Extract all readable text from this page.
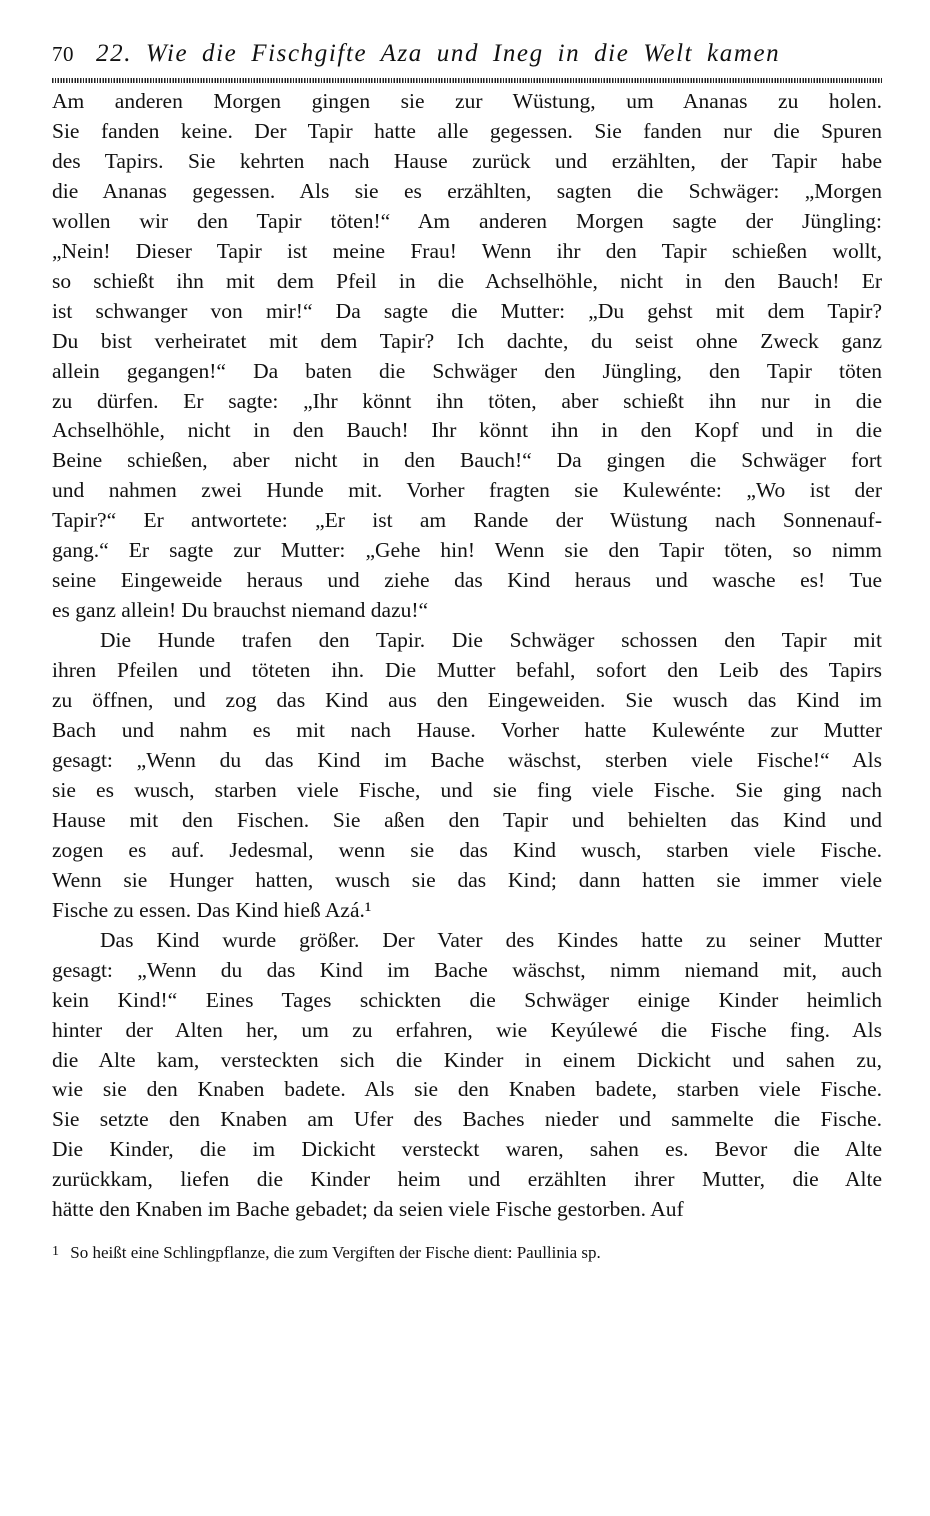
70 22. Wie die Fischgifte Aza und Ineg in die Welt kamen

Am anderen Morgen gingen sie zur Wüstung, um Ananas zu holen.
Sie fanden keine. Der Tapir hatte alle gegessen. Sie fanden nur die Spuren
des Tapirs. Sie kehrten nach Hause zurück und erzählten, der Tapir habe
die Ananas gegessen. Als sie es erzählten, sagten die Schwäger: „Morgen
wollen wir den Tapir töten!“ Am anderen Morgen sagte der Jüngling:
„Nein! Dieser Tapir ist meine Frau! Wenn ihr den Tapir schießen wollt,
so schießt ihn mit dem Pfeil in die Achselhöhle, nicht in den Bauch! Er
ist schwanger von mir!“ Da sagte die Mutter: „Du gehst mit dem Tapir?
Du bist verheiratet mit dem Tapir? Ich dachte, du seist ohne Zweck ganz
allein gegangen!“ Da baten die Schwäger den Jüngling, den Tapir töten
zu dürfen. Er sagte: „Ihr könnt ihn töten, aber schießt ihn nur in die
Achselhöhle, nicht in den Bauch! Ihr könnt ihn in den Kopf und in die
Beine schießen, aber nicht in den Bauch!“ Da gingen die Schwäger fort
und nahmen zwei Hunde mit. Vorher fragten sie Kulewénte: „Wo ist der
Tapir?“ Er antwortete: „Er ist am Rande der Wüstung nach Sonnenauf-
gang.“ Er sagte zur Mutter: „Gehe hin! Wenn sie den Tapir töten, so nimm
seine Eingeweide heraus und ziehe das Kind heraus und wasche es! Tue
es ganz allein! Du brauchst niemand dazu!“

Die Hunde trafen den Tapir. Die Schwäger schossen den Tapir mit
ihren Pfeilen und töteten ihn. Die Mutter befahl, sofort den Leib des Tapirs
zu öffnen, und zog das Kind aus den Eingeweiden. Sie wusch das Kind im
Bach und nahm es mit nach Hause. Vorher hatte Kulewénte zur Mutter
gesagt: „Wenn du das Kind im Bache wäschst, sterben viele Fische!“ Als
sie es wusch, starben viele Fische, und sie fing viele Fische. Sie ging nach
Hause mit den Fischen. Sie aßen den Tapir und behielten das Kind und
zogen es auf. Jedesmal, wenn sie das Kind wusch, starben viele Fische.
Wenn sie Hunger hatten, wusch sie das Kind; dann hatten sie immer viele
Fische zu essen. Das Kind hieß Azá.¹

Das Kind wurde größer. Der Vater des Kindes hatte zu seiner Mutter
gesagt: „Wenn du das Kind im Bache wäschst, nimm niemand mit, auch
kein Kind!“ Eines Tages schickten die Schwäger einige Kinder heimlich
hinter der Alten her, um zu erfahren, wie Keyúlewé die Fische fing. Als
die Alte kam, versteckten sich die Kinder in einem Dickicht und sahen zu,
wie sie den Knaben badete. Als sie den Knaben badete, starben viele Fische.
Sie setzte den Knaben am Ufer des Baches nieder und sammelte die Fische.
Die Kinder, die im Dickicht versteckt waren, sahen es. Bevor die Alte
zurückkam, liefen die Kinder heim und erzählten ihrer Mutter, die Alte
hätte den Knaben im Bache gebadet; da seien viele Fische gestorben. Auf

1 So heißt eine Schlingpflanze, die zum Vergiften der Fische dient: Paullinia sp.
